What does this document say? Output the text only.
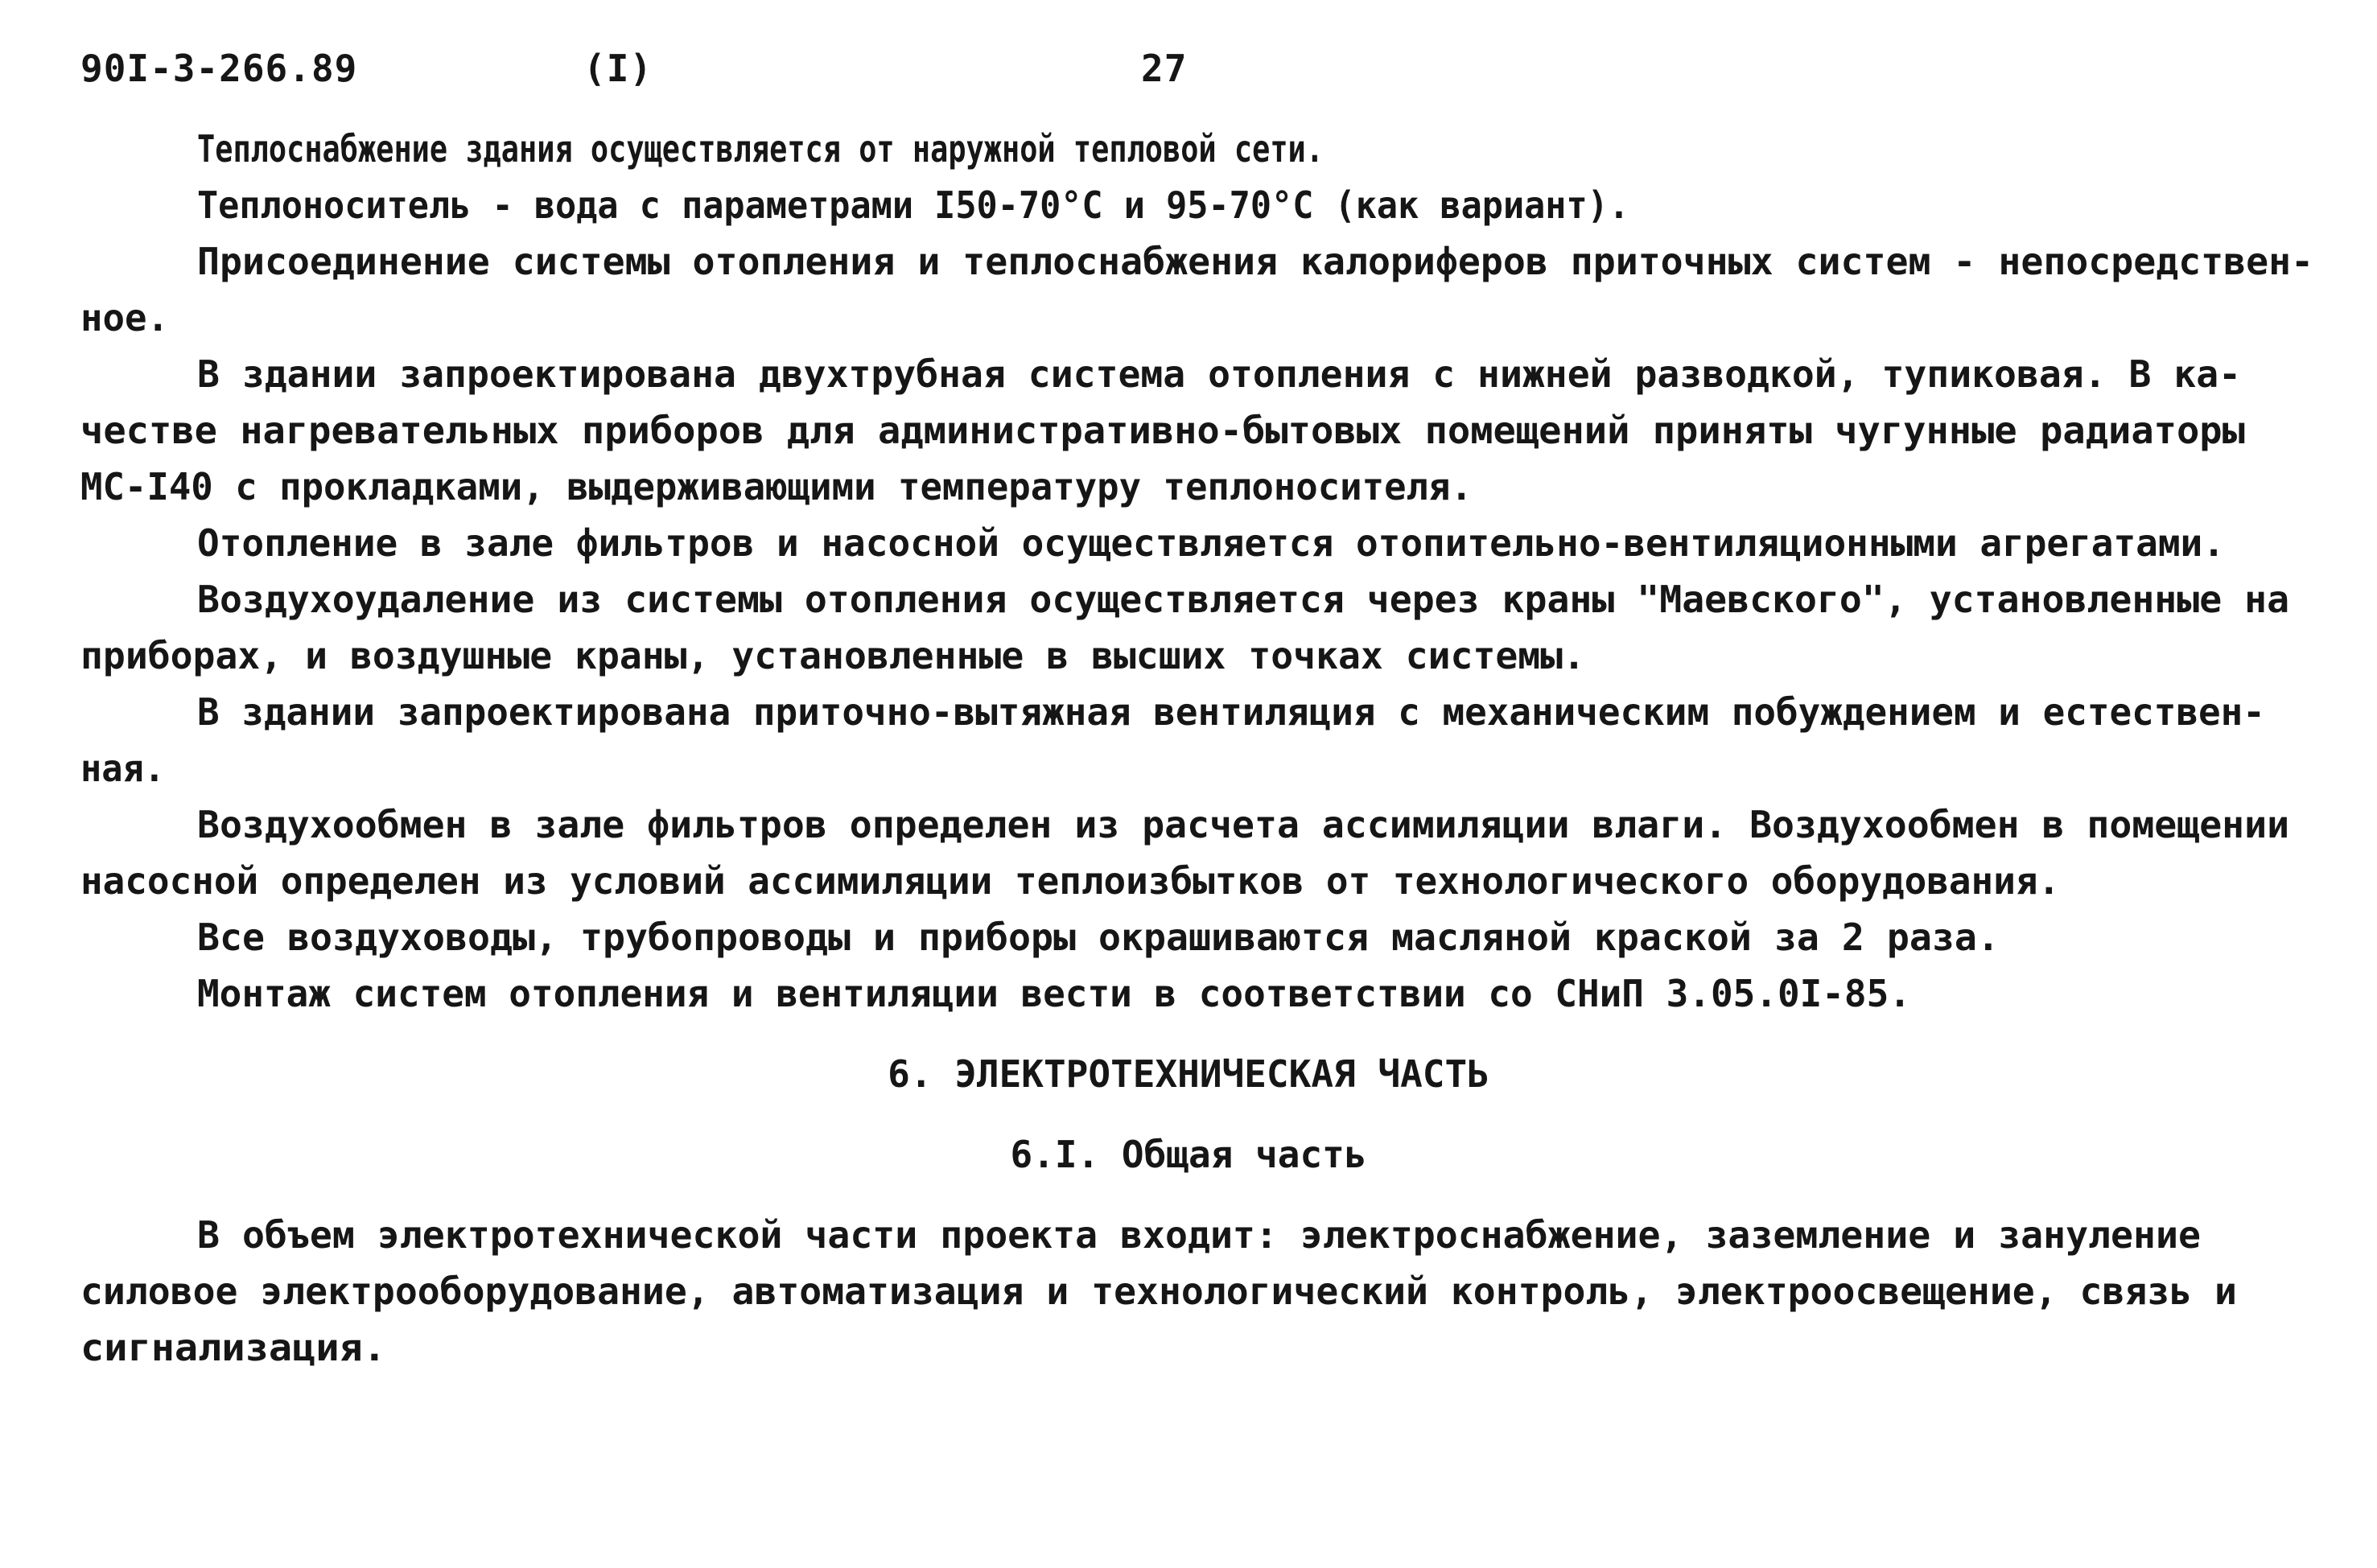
90I-3-266.89	(I)	27
Теплоснабжение здания осуществляется от наружной тепловой сети.
Теплоноситель - вода с параметрами I50-70°С и 95-70°С (как вариант).
Присоединение системы отопления и теплоснабжения калориферов приточных систем - непосредствен-
ное.
В здании запроектирована двухтрубная система отопления с нижней разводкой, тупиковая. В ка-
честве нагревательных приборов для административно-бытовых помещений приняты чугунные радиаторы
МС-I40 с прокладками, выдерживающими температуру теплоносителя.
Отопление в зале фильтров и насосной осуществляется отопительно-вентиляционными агрегатами.
Воздухоудаление из системы отопления осуществляется через краны "Маевского", установленные на
приборах, и воздушные краны, установленные в высших точках системы.
В здании запроектирована приточно-вытяжная вентиляция с механическим побуждением и естествен-
ная.
Воздухообмен в зале фильтров определен из расчета ассимиляции влаги. Воздухообмен в помещении
насосной определен из условий ассимиляции теплоизбытков от технологического оборудования.
Все воздуховоды, трубопроводы и приборы окрашиваются масляной краской за 2 раза.
Монтаж систем отопления и вентиляции вести в соответствии со СНиП 3.05.0I-85.
6. ЭЛЕКТРОТЕХНИЧЕСКАЯ ЧАСТЬ
6.I. Общая часть
В объем электротехнической части проекта входит: электроснабжение, заземление и зануление
силовое электрооборудование, автоматизация и технологический контроль, электроосвещение, связь и
сигнализация.
